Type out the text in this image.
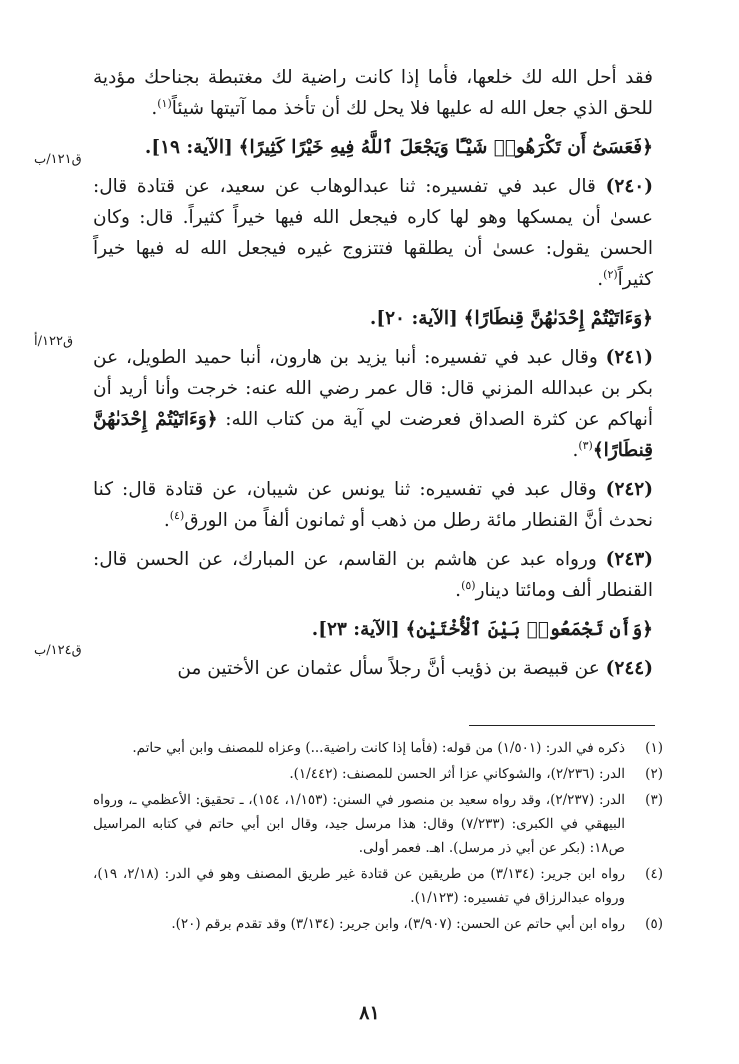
فقد أحل الله لك خلعها، فأما إذا كانت راضية لك مغتبطة بجناحك مؤدية للحق الذي جعل الله له عليها فلا يحل لك أن تأخذ مما آتيتها شيئاً$^{(١)}$.

﴿فَعَسَىٰٓ أَن تَكْرَهُوا۟ شَيْـًٔا وَيَجْعَلَ ٱللَّهُ فِيهِ خَيْرًا كَثِيرًا﴾ [الآية: ١٩].

(٢٤٠) قال عبد في تفسيره: ثنا عبدالوهاب عن سعيد، عن قتادة قال: عسىٰ أن يمسكها وهو لها كاره فيجعل الله فيها خيراً كثيراً. قال: وكان الحسن يقول: عسىٰ أن يطلقها فتتزوج غيره فيجعل الله له فيها خيراً كثيراً$^{(٢)}$.

﴿وَءَاتَيْتُمْ إِحْدَىٰهُنَّ قِنطَارًا﴾ [الآية: ٢٠].

(٢٤١) وقال عبد في تفسيره: أنبا يزيد بن هارون، أنبا حميد الطويل، عن بكر بن عبدالله المزني قال: قال عمر رضي الله عنه: خرجت وأنا أريد أن أنهاكم عن كثرة الصداق فعرضت لي آية من كتاب الله: ﴿وَءَاتَيْتُمْ إِحْدَىٰهُنَّ قِنطَارًا﴾$^{(٣)}$.

(٢٤٢) وقال عبد في تفسيره: ثنا يونس عن شيبان، عن قتادة قال: كنا نحدث أنَّ القنطار مائة رطل من ذهب أو ثمانون ألفاً من الورق$^{(٤)}$.

(٢٤٣) ورواه عبد عن هاشم بن القاسم، عن المبارك، عن الحسن قال: القنطار ألف ومائتا دينار$^{(٥)}$.

﴿وَأَن تَجْمَعُوا۟ بَيْنَ ٱلْأُخْتَيْنِ﴾ [الآية: ٢٣].

(٢٤٤) عن قبيصة بن ذؤيب أنَّ رجلاً سأل عثمان عن الأختين من

ق١٢١/ب
ق١٢٢/أ
ق١٢٤/ب
(١)
ذكره في الدر: (١/٥٠١) من قوله: (فأما إذا كانت راضية...) وعزاه للمصنف وابن أبي حاتم.
(٢)
الدر: (٢/٢٣٦)، والشوكاني عزا أثر الحسن للمصنف: (١/٤٤٢).
(٣)
الدر: (٢/٢٣٧)، وقد رواه سعيد بن منصور في السنن: (١/١٥٣، ١٥٤)، ـ تحقيق: الأعظمي ـ، ورواه البيهقي في الكبرى: (٧/٢٣٣) وقال: هذا مرسل جيد، وقال ابن أبي حاتم في كتابه المراسيل ص١٨: (بكر عن أبي ذر مرسل). اهـ. فعمر أولى.
(٤)
رواه ابن جرير: (٣/١٣٤) من طريقين عن قتادة غير طريق المصنف وهو في الدر: (٢/١٨، ١٩)، ورواه عبدالرزاق في تفسيره: (١/١٢٣).
(٥)
رواه ابن أبي حاتم عن الحسن: (٣/٩٠٧)، وابن جرير: (٣/١٣٤) وقد تقدم برقم (٢٠).
٨١
